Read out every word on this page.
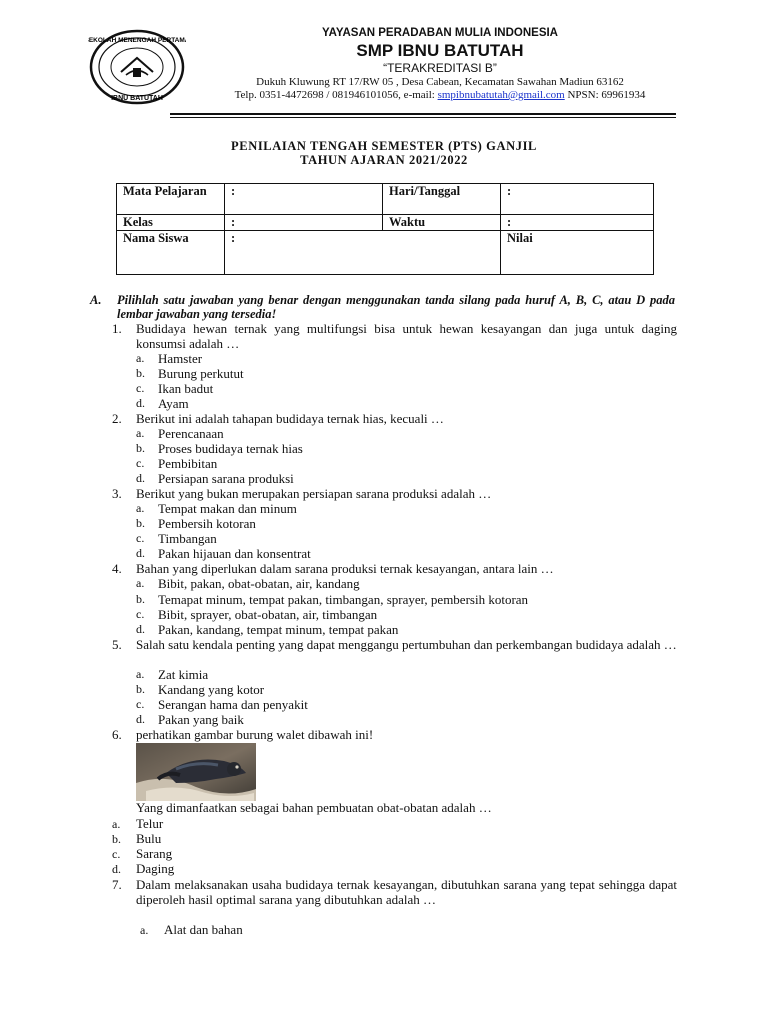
SEKOLAH MENENGAH PERTAMA
IBNU BATUTAH
YAYASAN PERADABAN MULIA INDONESIA
SMP IBNU BATUTAH
“TERAKREDITASI B”
Dukuh Kluwung RT 17/RW 05 , Desa Cabean, Kecamatan Sawahan Madiun 63162
Telp. 0351-4472698 / 081946101056, e-mail: smpibnubatutah@gmail.com NPSN: 69961934
PENILAIAN TENGAH SEMESTER (PTS) GANJIL
TAHUN AJARAN 2021/2022
Mata Pelajaran	:	Hari/Tanggal	:
Kelas	:	Waktu	:
Nama Siswa	:		Nilai
A. Pilihlah satu jawaban yang benar dengan menggunakan tanda silang pada huruf A, B, C, atau D pada lembar jawaban yang tersedia!
1. Budidaya hewan ternak yang multifungsi bisa untuk hewan kesayangan dan juga untuk daging konsumsi adalah …
a. Hamster
b. Burung perkutut
c. Ikan badut
d. Ayam
2. Berikut ini adalah tahapan budidaya ternak hias, kecuali …
a. Perencanaan
b. Proses budidaya ternak hias
c. Pembibitan
d. Persiapan sarana produksi
3. Berikut yang bukan merupakan persiapan sarana produksi adalah …
a. Tempat makan dan minum
b. Pembersih kotoran
c. Timbangan
d. Pakan hijauan dan konsentrat
4. Bahan yang diperlukan dalam sarana produksi ternak kesayangan, antara lain …
a. Bibit, pakan, obat-obatan, air, kandang
b. Temapat minum, tempat pakan, timbangan, sprayer, pembersih kotoran
c. Bibit, sprayer, obat-obatan, air, timbangan
d. Pakan, kandang, tempat minum, tempat pakan
5. Salah satu kendala penting yang dapat menggangu pertumbuhan dan perkembangan budidaya adalah …
a. Zat kimia
b. Kandang yang kotor
c. Serangan hama dan penyakit
d. Pakan yang baik
6. perhatikan gambar burung walet dibawah ini!
Yang dimanfaatkan sebagai bahan pembuatan obat-obatan adalah …
a. Telur
b. Bulu
c. Sarang
d. Daging
7. Dalam melaksanakan usaha budidaya ternak kesayangan, dibutuhkan sarana yang tepat sehingga dapat diperoleh hasil optimal sarana yang dibutuhkan adalah …
a. Alat dan bahan
